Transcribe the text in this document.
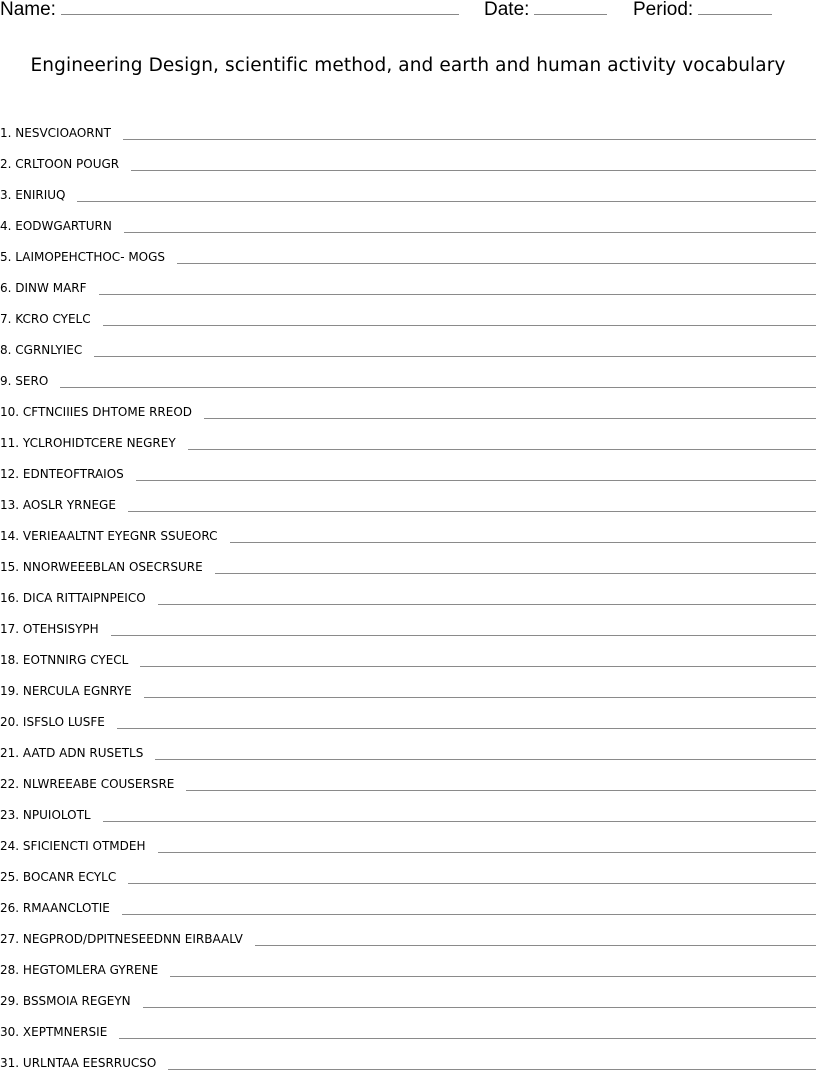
Name:	Date:	Period:
Engineering Design, scientific method, and earth and human activity vocabulary
1. NESVCIOAORNT
2. CRLTOON POUGR
3. ENIRIUQ
4. EODWGARTURN
5. LAIMOPEHCTHOC- MOGS
6. DINW MARF
7. KCRO CYELC
8. CGRNLYIEC
9. SERO
10. CFTNCIIIES DHTOME RREOD
11. YCLROHIDTCERE NEGREY
12. EDNTEOFTRAIOS
13. AOSLR YRNEGE
14. VERIEAALTNT EYEGNR SSUEORC
15. NNORWEEEBLAN OSECRSURE
16. DICA RITTAIPNPEICO
17. OTEHSISYPH
18. EOTNNIRG CYECL
19. NERCULA EGNRYE
20. ISFSLO LUSFE
21. AATD ADN RUSETLS
22. NLWREEABE COUSERSRE
23. NPUIOLOTL
24. SFICIENCTI OTMDEH
25. BOCANR ECYLC
26. RMAANCLOTIE
27. NEGPROD/DPITNESEEDNN EIRBAALV
28. HEGTOMLERA GYRENE
29. BSSMOIA REGEYN
30. XEPTMNERSIE
31. URLNTAA EESRRUCSO
